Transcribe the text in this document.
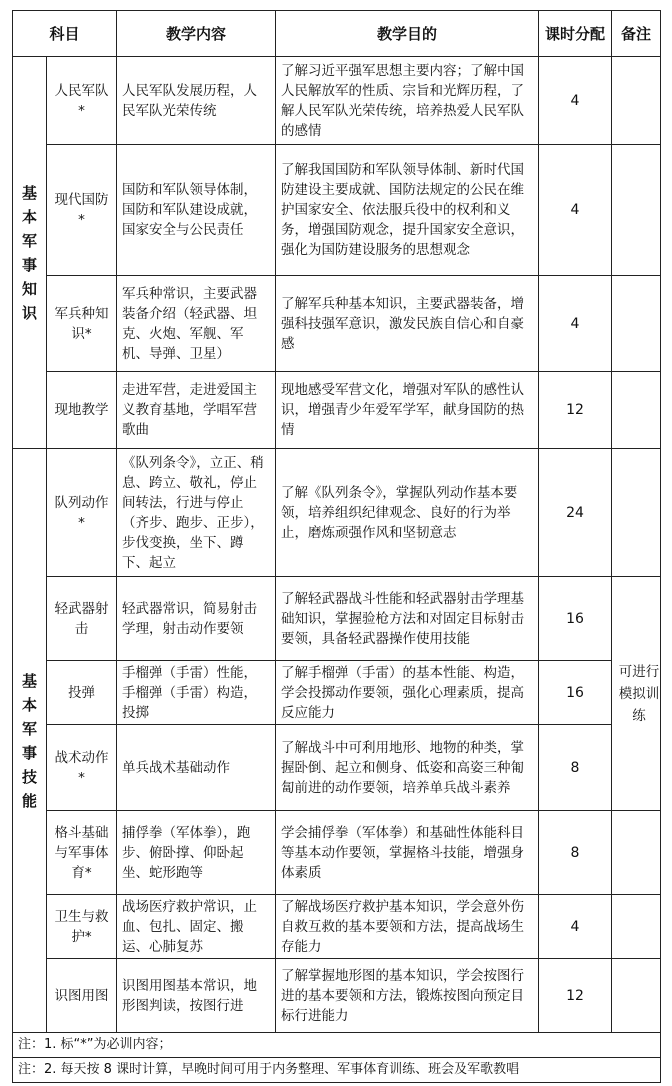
科目		教学内容	教学目的	课时分配	备注
基本军事知识	人民军队*	人民军队发展历程，人民军队光荣传统	了解习近平强军思想主要内容；了解中国人民解放军的性质、宗旨和光辉历程，了解人民军队光荣传统，培养热爱人民军队的感情	4	
	现代国防*	国防和军队领导体制，国防和军队建设成就，国家安全与公民责任	了解我国国防和军队领导体制、新时代国防建设主要成就、国防法规定的公民在维护国家安全、依法服兵役中的权利和义务，增强国防观念，提升国家安全意识，强化为国防建设服务的思想观念	4	
	军兵种知识*	军兵种常识，主要武器装备介绍（轻武器、坦克、火炮、军舰、军机、导弹、卫星）	了解军兵种基本知识，主要武器装备，增强科技强军意识，激发民族自信心和自豪感	4	
	现地教学	走进军营，走进爱国主义教育基地，学唱军营歌曲	现地感受军营文化，增强对军队的感性认识，增强青少年爱军学军，献身国防的热情	12	
基本军事技能	队列动作*	《队列条令》，立正、稍息、跨立、敬礼，停止间转法，行进与停止（齐步、跑步、正步），步伐变换，坐下、蹲下、起立	了解《队列条令》，掌握队列动作基本要领，培养组织纪律观念、良好的行为举止，磨炼顽强作风和坚韧意志	24	
	轻武器射击	轻武器常识，简易射击学理，射击动作要领	了解轻武器战斗性能和轻武器射击学理基础知识，掌握验枪方法和对固定目标射击要领，具备轻武器操作使用技能	16	可进行模拟训练
	投弹	手榴弹（手雷）性能，手榴弹（手雷）构造，投掷	了解手榴弹（手雷）的基本性能、构造，学会投掷动作要领，强化心理素质，提高反应能力	16	
	战术动作*	单兵战术基础动作	了解战斗中可利用地形、地物的种类，掌握卧倒、起立和侧身、低姿和高姿三种匍匐前进的动作要领，培养单兵战斗素养	8	
	格斗基础与军事体育*	捕俘拳（军体拳），跑步、俯卧撑、仰卧起坐、蛇形跑等	学会捕俘拳（军体拳）和基础性体能科目等基本动作要领，掌握格斗技能，增强身体素质	8	
	卫生与救护*	战场医疗救护常识，止血、包扎、固定、搬运、心肺复苏	了解战场医疗救护基本知识，学会意外伤自救互救的基本要领和方法，提高战场生存能力	4	
	识图用图	识图用图基本常识，地形图判读，按图行进	了解掌握地形图的基本知识，学会按图行进的基本要领和方法，锻炼按图向预定目标行进能力	12	
注：1. 标“*”为必训内容；					
注：2. 每天按 8 课时计算，早晚时间可用于内务整理、军事体育训练、班会及军歌教唱					
